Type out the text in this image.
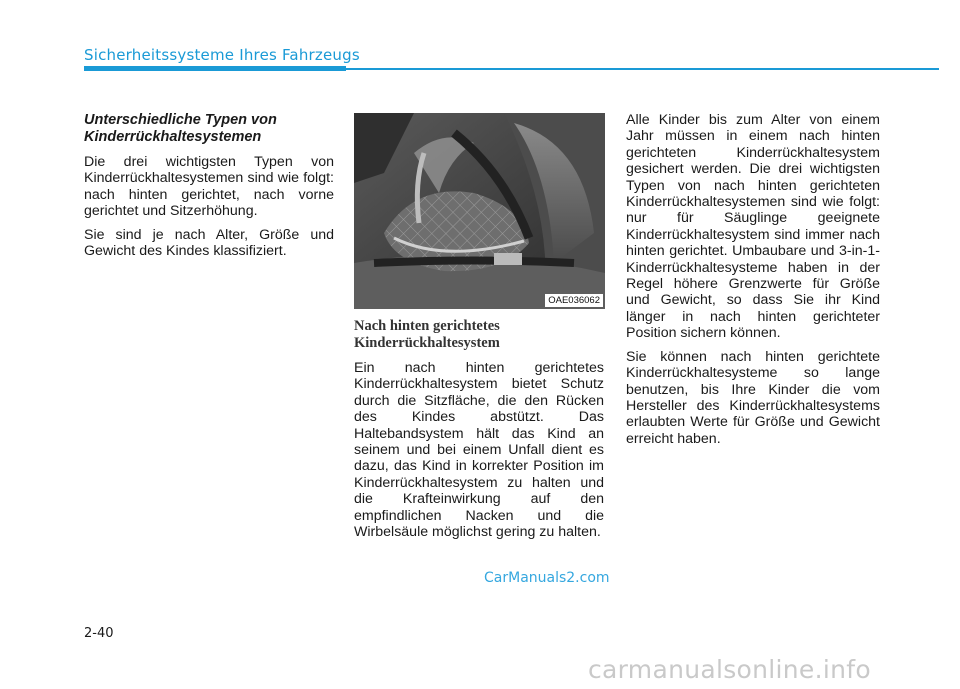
Sicherheitssysteme Ihres Fahrzeugs
Unterschiedliche Typen von Kinderrückhaltesystemen

Die drei wichtigsten Typen von Kinderrückhaltesystemen sind wie folgt: nach hinten gerichtet, nach vorne gerichtet und Sitzerhöhung.

Sie sind je nach Alter, Größe und Gewicht des Kindes klassifiziert.

OAE036062
Nach hinten gerichtetes Kinderrückhaltesystem

Ein nach hinten gerichtetes Kinderrückhaltesystem bietet Schutz durch die Sitzfläche, die den Rücken des Kindes abstützt. Das Haltebandsystem hält das Kind an seinem und bei einem Unfall dient es dazu, das Kind in korrekter Position im Kinderrückhaltesystem zu halten und die Krafteinwirkung auf den empfindlichen Nacken und die Wirbelsäule möglichst gering zu halten.

Alle Kinder bis zum Alter von einem Jahr müssen in einem nach hinten gerichteten Kinderrückhaltesystem gesichert werden. Die drei wichtigsten Typen von nach hinten gerichteten Kinderrückhaltesystemen sind wie folgt: nur für Säuglinge geeignete Kinderrückhaltesystem sind immer nach hinten gerichtet. Umbaubare und 3-in-1-Kinderrückhaltesysteme haben in der Regel höhere Grenzwerte für Größe und Gewicht, so dass Sie ihr Kind länger in nach hinten gerichteter Position sichern können.

Sie können nach hinten gerichtete Kinderrückhaltesysteme so lange benutzen, bis Ihre Kinder die vom Hersteller des Kinderrückhaltesystems erlaubten Werte für Größe und Gewicht erreicht haben.

CarManuals2.com
2-40
carmanualsonline.info
